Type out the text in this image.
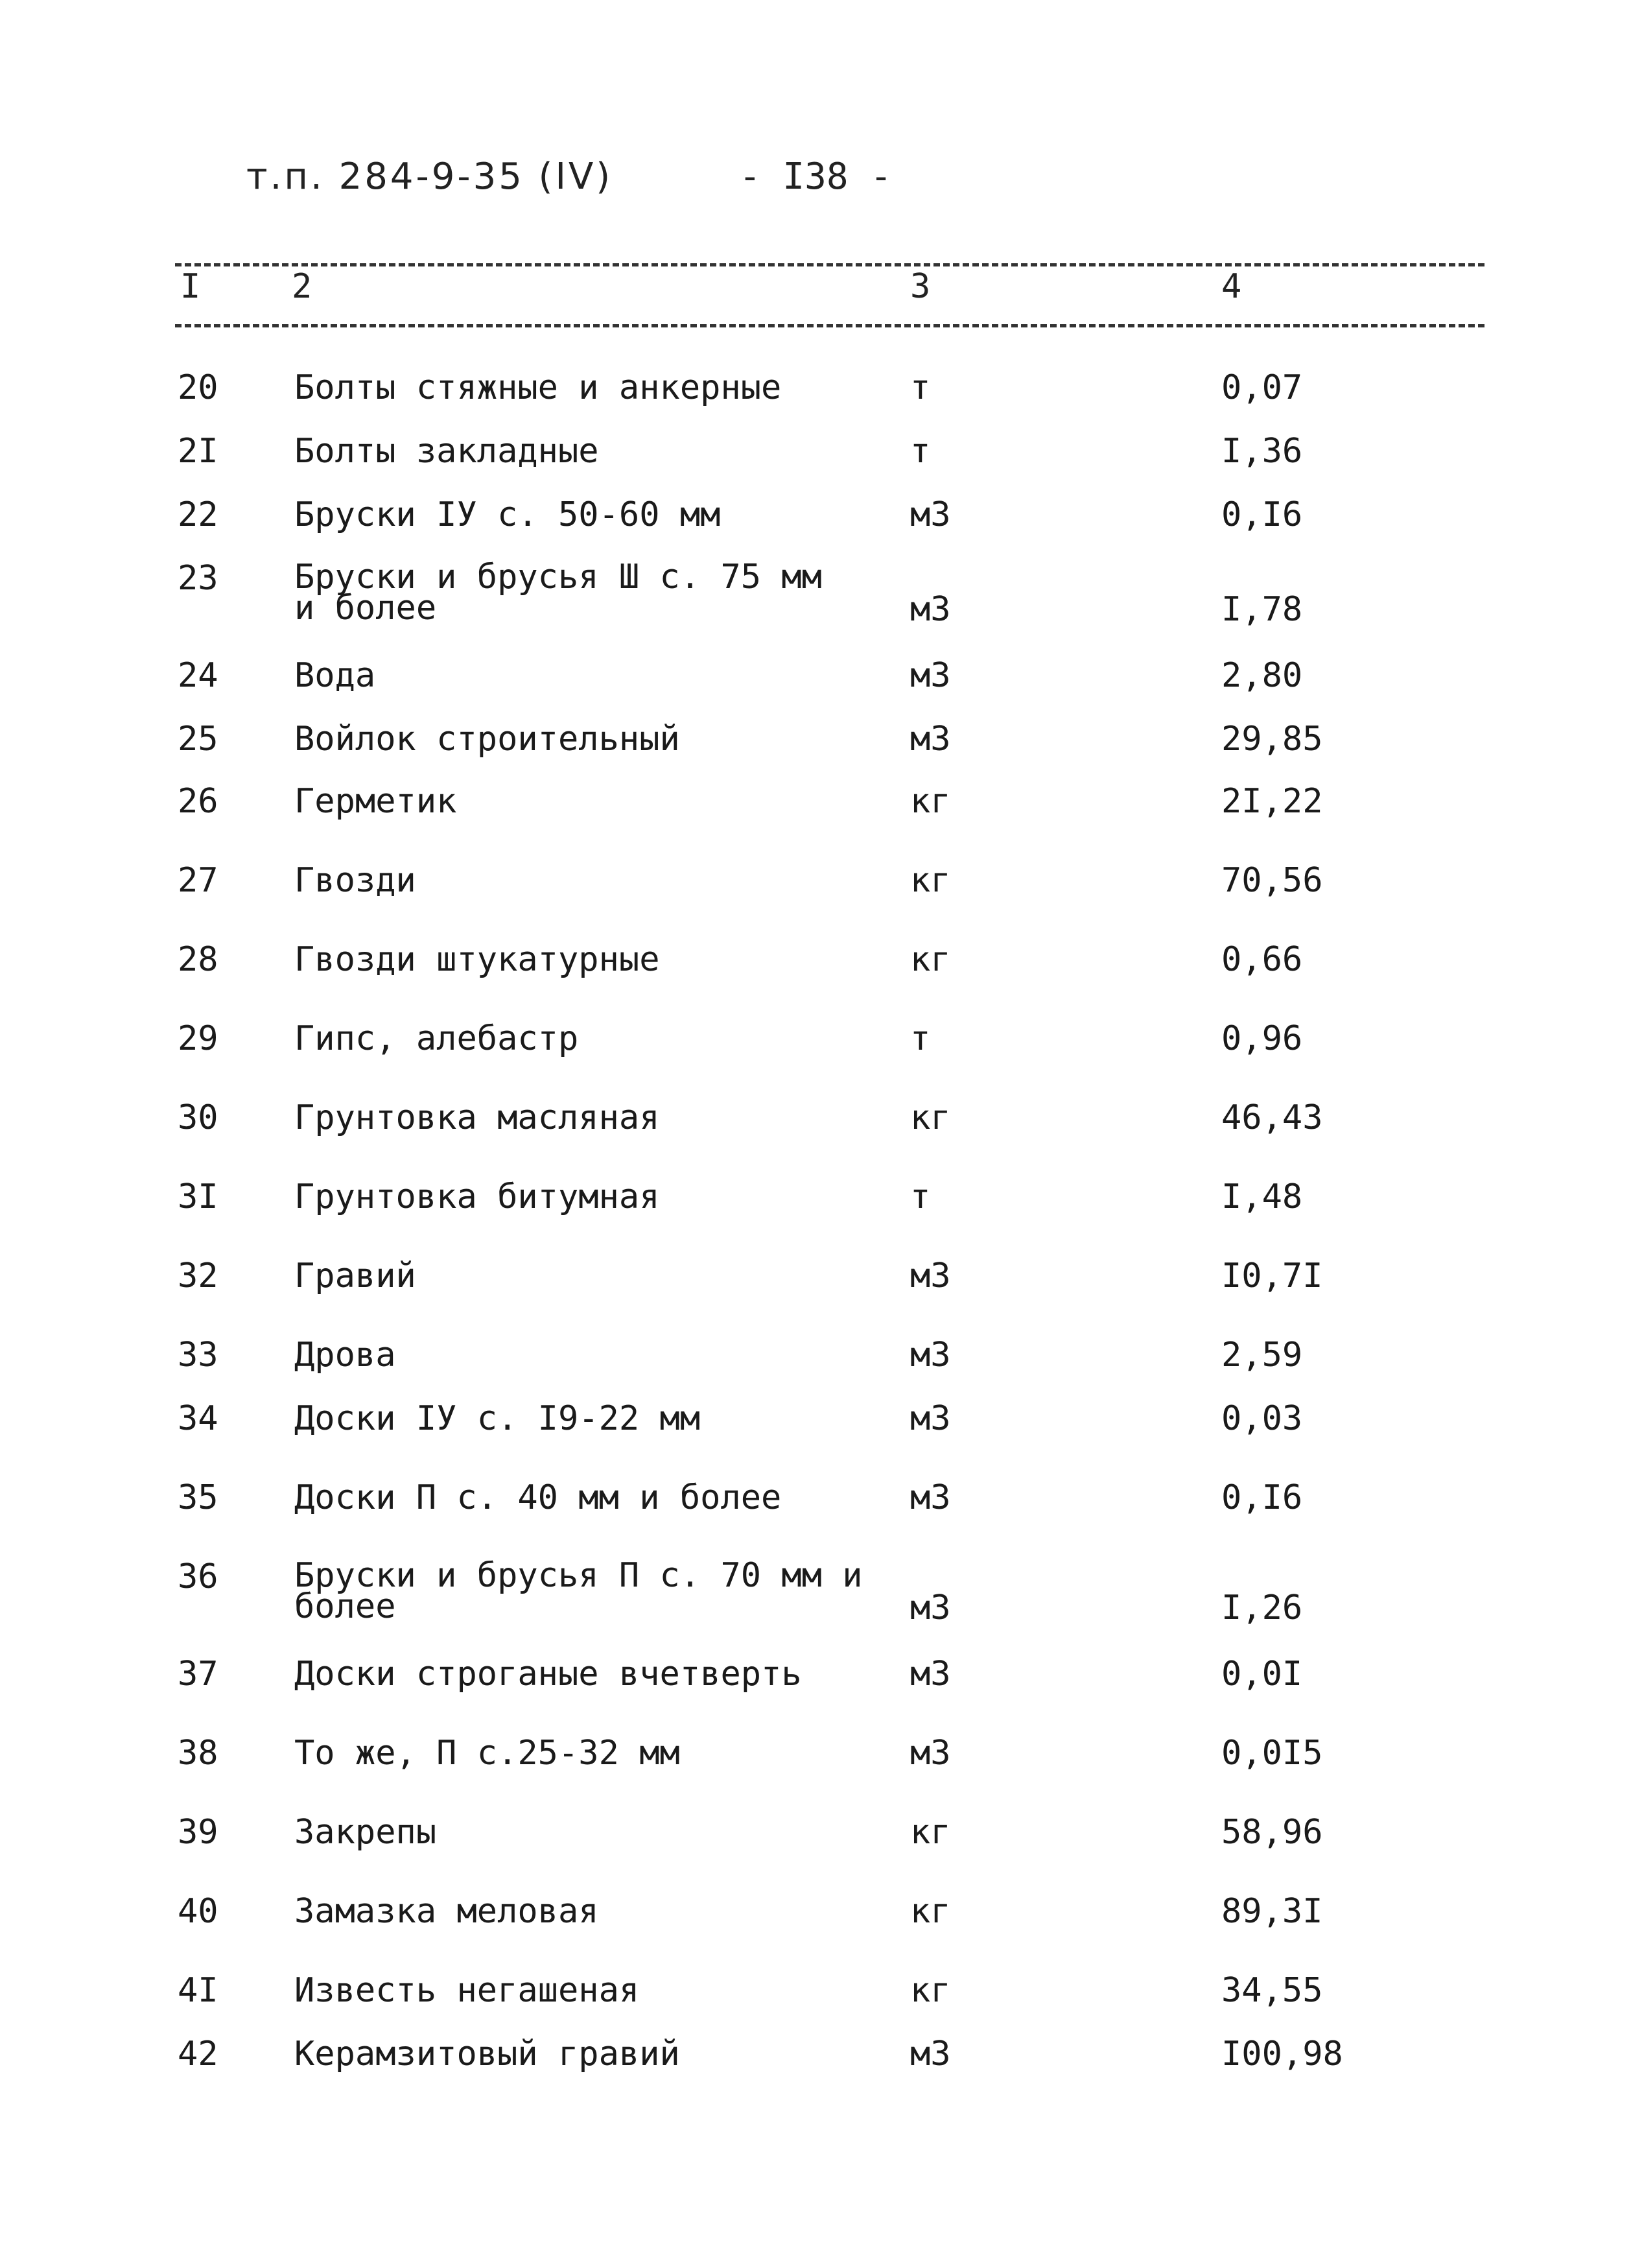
т.п. 284-9-35 (IV)	- I38 -
I	2	3	4
20 Болты стяжные и анкерные	т	0,07
2I Болты закладные	т	I,36
22 Бруски IУ с. 50-60 мм	м3	0,I6
23 Бруски и брусья Ш с. 75 мм
и более	м3	I,78
24 Вода	м3	2,80
25 Войлок строительный	м3	29,85
26 Герметик	кг	2I,22
27 Гвозди	кг	70,56
28 Гвозди штукатурные	кг	0,66
29 Гипс, алебастр	т	0,96
30 Грунтовка масляная	кг	46,43
3I Грунтовка битумная	т	I,48
32 Гравий	м3	I0,7I
33 Дрова	м3	2,59
34 Доски IУ с. I9-22 мм	м3	0,03
35 Доски П с. 40 мм и более	м3	0,I6
36 Бруски и брусья П с. 70 мм и
более	м3	I,26
37 Доски строганые вчетверть	м3	0,0I
38 То же, П с.25-32 мм	м3	0,0I5
39 Закрепы	кг	58,96
40 Замазка меловая	кг	89,3I
4I Известь негашеная	кг	34,55
42 Керамзитовый гравий	м3	I00,98
